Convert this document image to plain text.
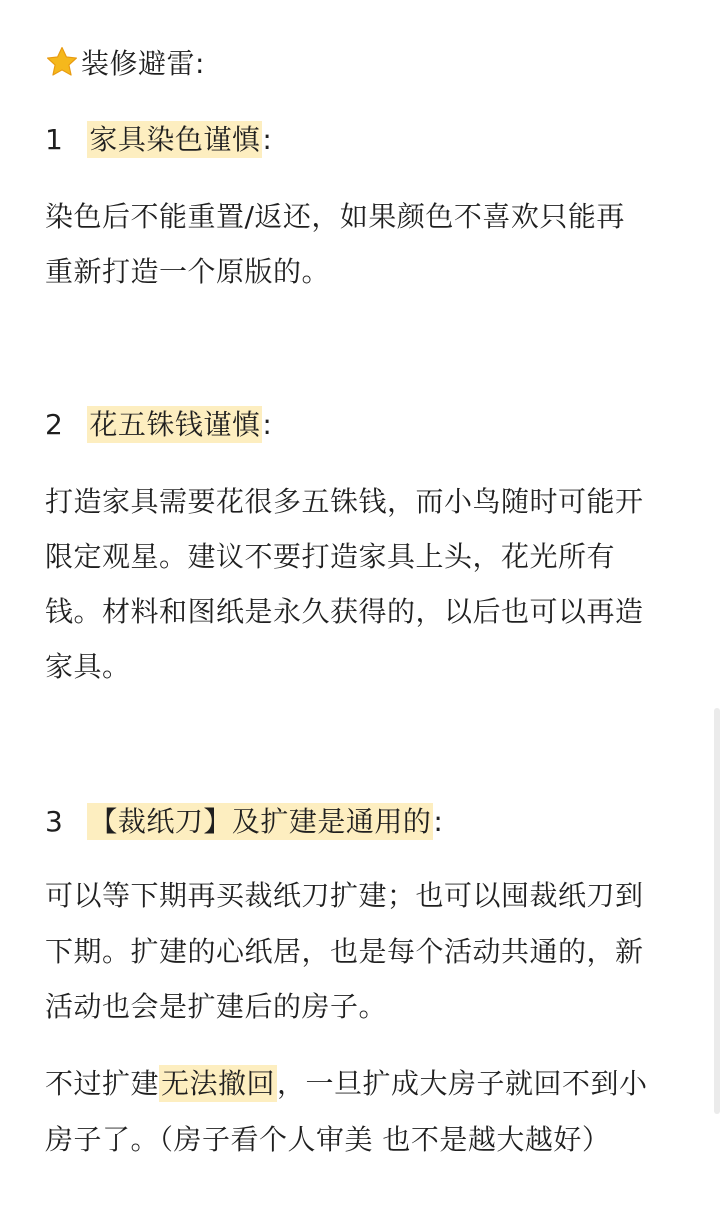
装修避雷:
1 家具染色谨慎:
染色后不能重置/返还，如果颜色不喜欢只能再
重新打造一个原版的。
2 花五铢钱谨慎:
打造家具需要花很多五铢钱，而小鸟随时可能开
限定观星。建议不要打造家具上头，花光所有
钱。材料和图纸是永久获得的，以后也可以再造
家具。
3 【裁纸刀】及扩建是通用的:
可以等下期再买裁纸刀扩建；也可以囤裁纸刀到
下期。扩建的心纸居，也是每个活动共通的，新
活动也会是扩建后的房子。
不过扩建无法撤回，一旦扩成大房子就回不到小
房子了。（房子看个人审美 也不是越大越好）
